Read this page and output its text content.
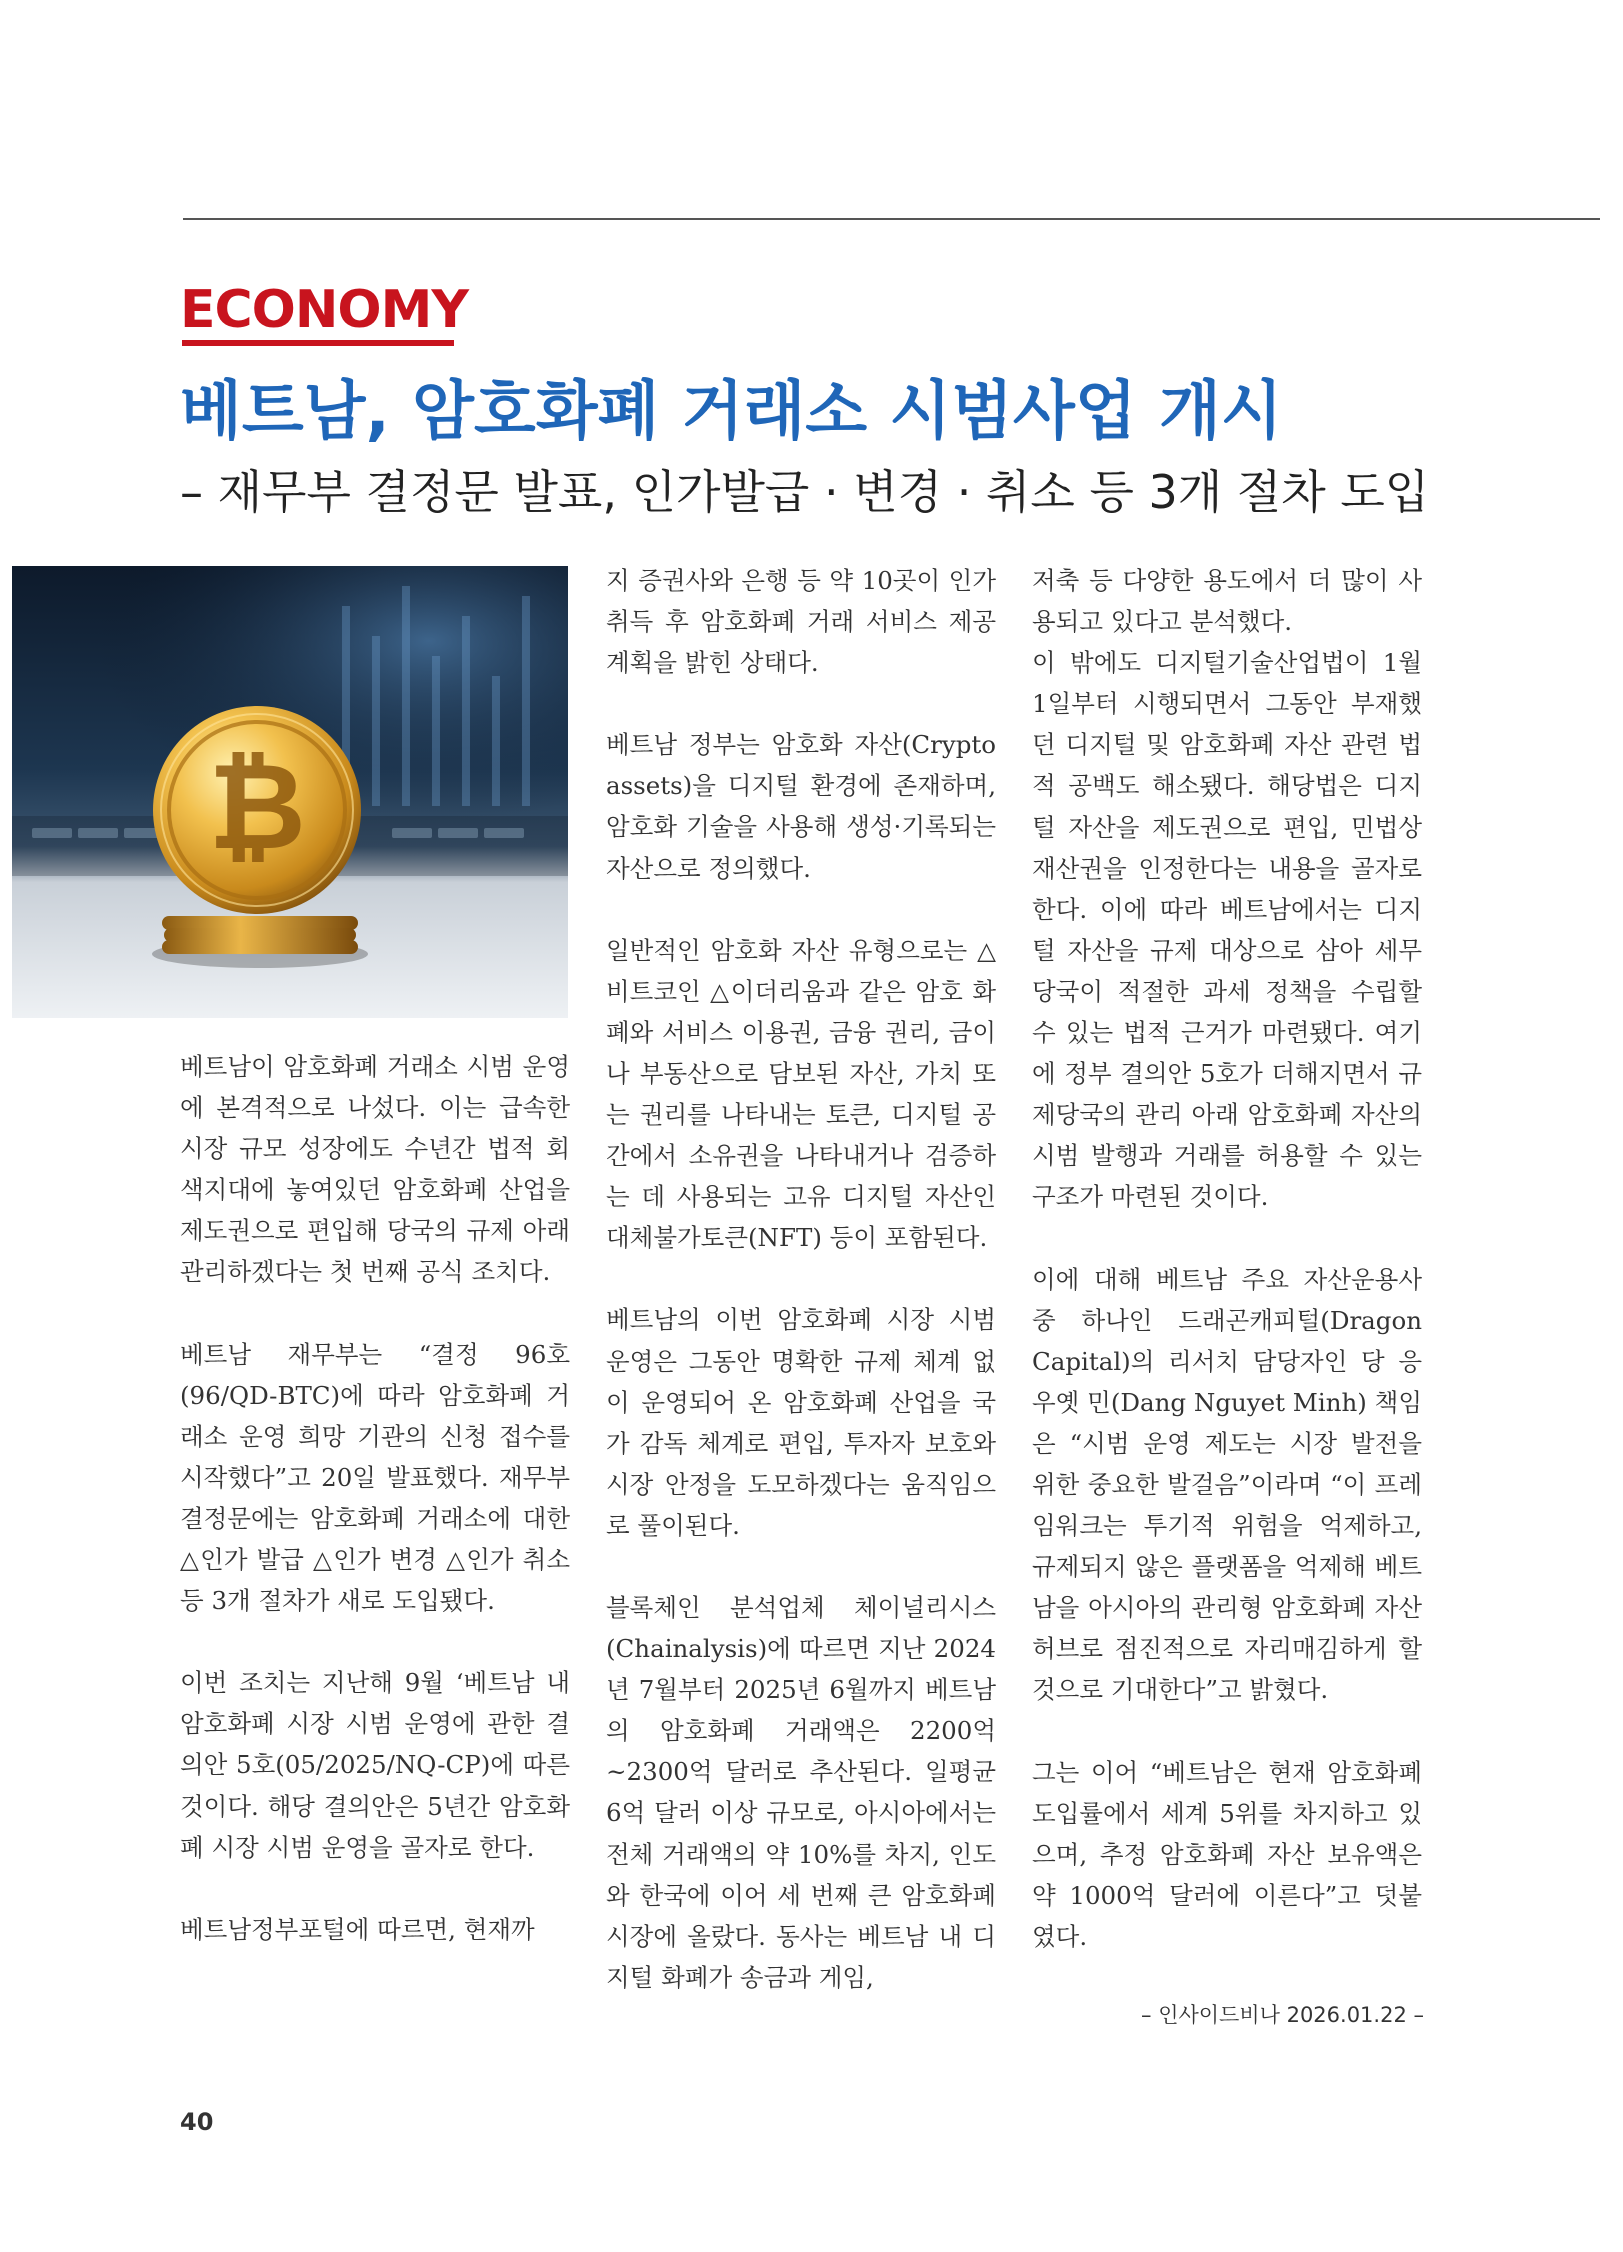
ECONOMY
베트남, 암호화폐 거래소 시범사업 개시
– 재무부 결정문 발표, 인가발급 · 변경 · 취소 등 3개 절차 도입
₿

베트남이 암호화폐 거래소 시범 운영에 본격적으로 나섰다. 이는 급속한 시장 규모 성장에도 수년간 법적 회색지대에 놓여있던 암호화폐 산업을 제도권으로 편입해 당국의 규제 아래 관리하겠다는 첫 번째 공식 조치다.

베트남 재무부는 “결정 96호(96/QD-BTC)에 따라 암호화폐 거래소 운영 희망 기관의 신청 접수를 시작했다”고 20일 발표했다. 재무부 결정문에는 암호화폐 거래소에 대한 △인가 발급 △인가 변경 △인가 취소 등 3개 절차가 새로 도입됐다.

이번 조치는 지난해 9월 ‘베트남 내 암호화폐 시장 시범 운영에 관한 결의안 5호(05/2025/NQ-CP)에 따른 것이다. 해당 결의안은 5년간 암호화폐 시장 시범 운영을 골자로 한다.

베트남정부포털에 따르면, 현재까

지 증권사와 은행 등 약 10곳이 인가 취득 후 암호화폐 거래 서비스 제공 계획을 밝힌 상태다.

베트남 정부는 암호화 자산(Crypto assets)을 디지털 환경에 존재하며, 암호화 기술을 사용해 생성·기록되는 자산으로 정의했다.

일반적인 암호화 자산 유형으로는 △비트코인 △이더리움과 같은 암호 화폐와 서비스 이용권, 금융 권리, 금이나 부동산으로 담보된 자산, 가치 또는 권리를 나타내는 토큰, 디지털 공간에서 소유권을 나타내거나 검증하는 데 사용되는 고유 디지털 자산인 대체불가토큰(NFT) 등이 포함된다.

베트남의 이번 암호화폐 시장 시범 운영은 그동안 명확한 규제 체계 없이 운영되어 온 암호화폐 산업을 국가 감독 체계로 편입, 투자자 보호와 시장 안정을 도모하겠다는 움직임으로 풀이된다.

블록체인 분석업체 체이널리시스(Chainalysis)에 따르면 지난 2024년 7월부터 2025년 6월까지 베트남의 암호화폐 거래액은 2200억~2300억 달러로 추산된다. 일평균 6억 달러 이상 규모로, 아시아에서는 전체 거래액의 약 10%를 차지, 인도와 한국에 이어 세 번째 큰 암호화폐 시장에 올랐다. 동사는 베트남 내 디지털 화폐가 송금과 게임,

저축 등 다양한 용도에서 더 많이 사용되고 있다고 분석했다.

이 밖에도 디지털기술산업법이 1월 1일부터 시행되면서 그동안 부재했던 디지털 및 암호화폐 자산 관련 법적 공백도 해소됐다. 해당법은 디지털 자산을 제도권으로 편입, 민법상 재산권을 인정한다는 내용을 골자로 한다. 이에 따라 베트남에서는 디지털 자산을 규제 대상으로 삼아 세무당국이 적절한 과세 정책을 수립할 수 있는 법적 근거가 마련됐다. 여기에 정부 결의안 5호가 더해지면서 규제당국의 관리 아래 암호화폐 자산의 시범 발행과 거래를 허용할 수 있는 구조가 마련된 것이다.

이에 대해 베트남 주요 자산운용사 중 하나인 드래곤캐피털(Dragon Capital)의 리서치 담당자인 당 응우옛 민(Dang Nguyet Minh) 책임은 “시범 운영 제도는 시장 발전을 위한 중요한 발걸음”이라며 “이 프레임워크는 투기적 위험을 억제하고, 규제되지 않은 플랫폼을 억제해 베트남을 아시아의 관리형 암호화폐 자산 허브로 점진적으로 자리매김하게 할 것으로 기대한다”고 밝혔다.

그는 이어 “베트남은 현재 암호화폐 도입률에서 세계 5위를 차지하고 있으며, 추정 암호화폐 자산 보유액은 약 1000억 달러에 이른다”고 덧붙였다.

– 인사이드비나 2026.01.22 –
40
